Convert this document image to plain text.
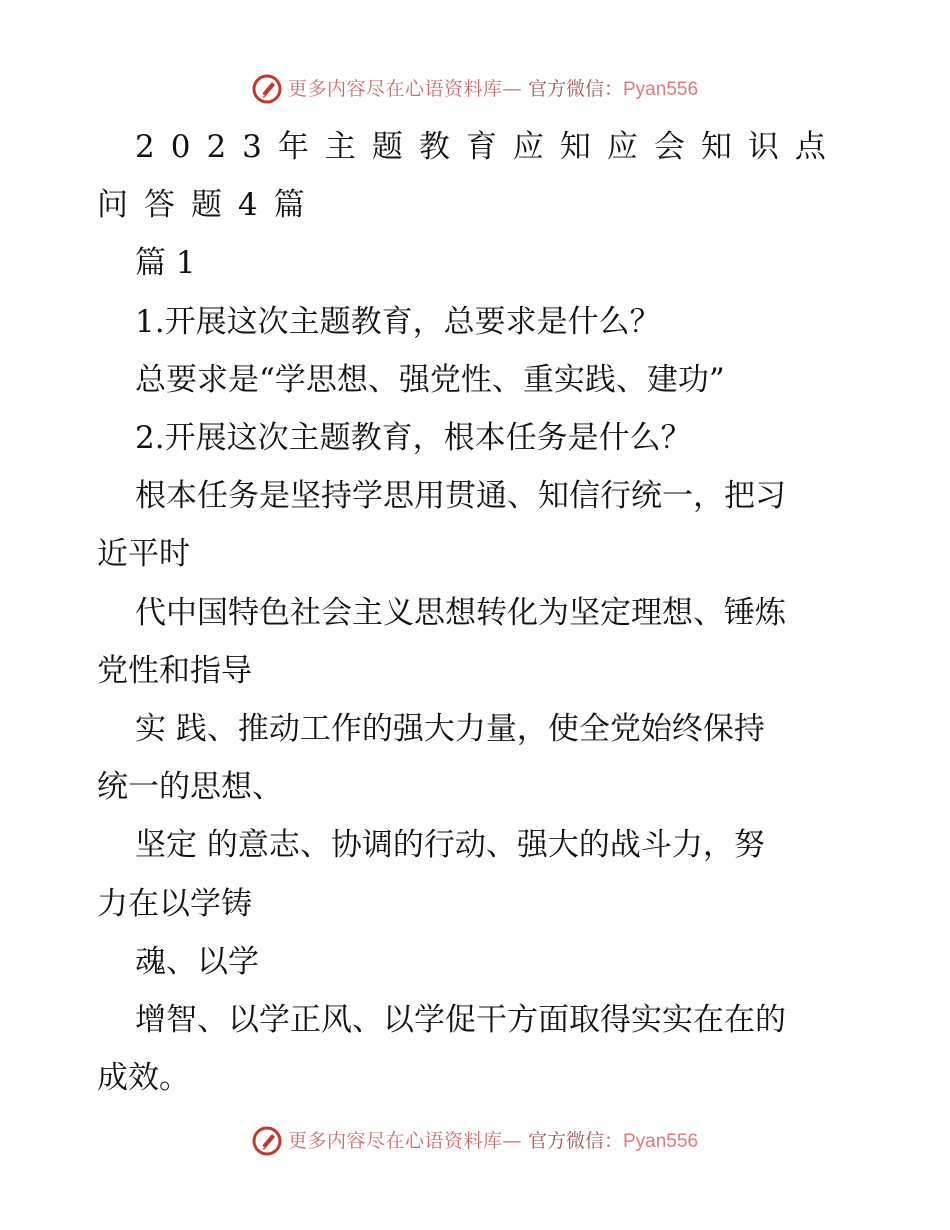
更多内容尽在心语资料库— 官方微信：Pyan556

2023年主题教育应知应会知识点问答题4篇

篇 1

1.开展这次主题教育，总要求是什么？

总要求是“学思想、强党性、重实践、建功”

2.开展这次主题教育，根本任务是什么？

根本任务是坚持学思用贯通、知信行统一，把习

近平时

代中国特色社会主义思想转化为坚定理想、锤炼

党性和指导

实 践、推动工作的强大力量，使全党始终保持

统一的思想、

坚定 的意志、协调的行动、强大的战斗力，努

力在以学铸

魂、以学

增智、以学正风、以学促干方面取得实实在在的

成效。

更多内容尽在心语资料库— 官方微信：Pyan556
